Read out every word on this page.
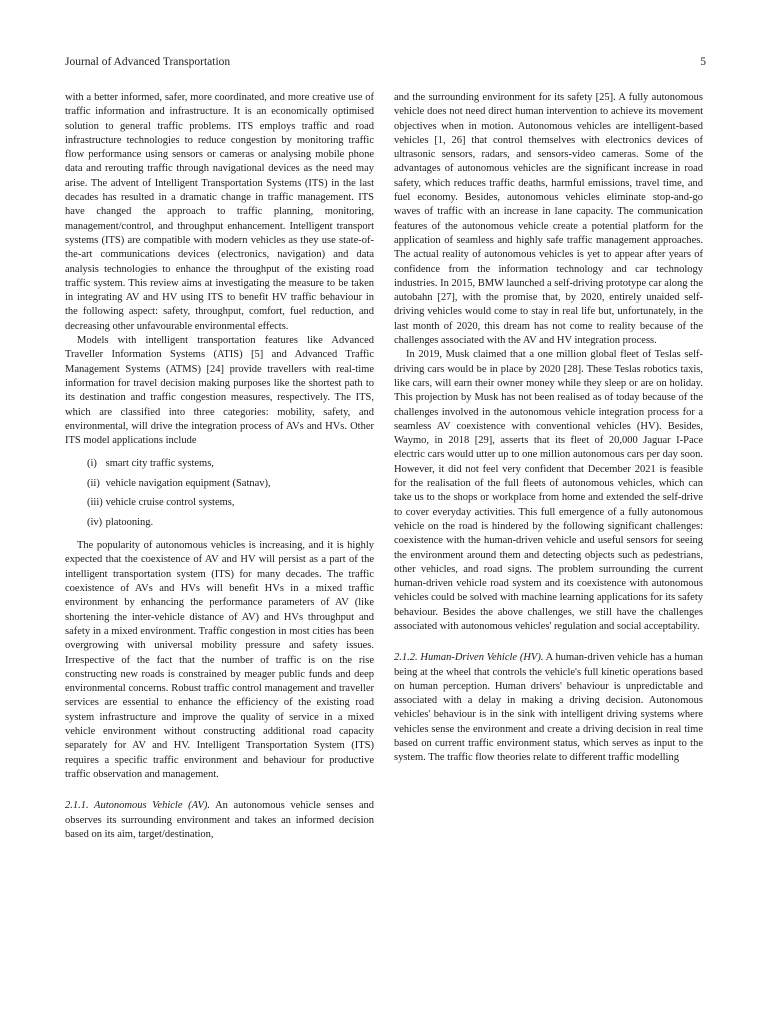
Journal of Advanced Transportation	5

with a better informed, safer, more coordinated, and more creative use of traffic information and infrastructure. It is an economically optimised solution to general traffic problems. ITS employs traffic and road infrastructure technologies to reduce congestion by monitoring traffic flow performance using sensors or cameras or analysing mobile phone data and rerouting traffic through navigational devices as the need may arise. The advent of Intelligent Transportation Systems (ITS) in the last decades has resulted in a dramatic change in traffic management. ITS have changed the approach to traffic planning, monitoring, management/control, and throughput enhancement. Intelligent transport systems (ITS) are compatible with modern vehicles as they use state-of-the-art communications devices (electronics, navigation) and data analysis technologies to enhance the throughput of the existing road traffic system. This review aims at investigating the measure to be taken in integrating AV and HV using ITS to benefit HV traffic behaviour in the following aspect: safety, throughput, comfort, fuel reduction, and decreasing other unfavourable environmental effects.

Models with intelligent transportation features like Advanced Traveller Information Systems (ATIS) [5] and Advanced Traffic Management Systems (ATMS) [24] provide travellers with real-time information for travel decision making purposes like the shortest path to its destination and traffic congestion measures, respectively. The ITS, which are classified into three categories: mobility, safety, and environmental, will drive the integration process of AVs and HVs. Other ITS model applications include

(i) smart city traffic systems,
(ii) vehicle navigation equipment (Satnav),
(iii) vehicle cruise control systems,
(iv) platooning.

The popularity of autonomous vehicles is increasing, and it is highly expected that the coexistence of AV and HV will persist as a part of the intelligent transportation system (ITS) for many decades. The traffic coexistence of AVs and HVs will benefit HVs in a mixed traffic environment by enhancing the performance parameters of AV (like shortening the inter-vehicle distance of AV) and HVs throughput and safety in a mixed environment. Traffic congestion in most cities has been overgrowing with universal mobility pressure and safety issues. Irrespective of the fact that the number of traffic is on the rise constructing new roads is constrained by meager public funds and deep environmental concerns. Robust traffic control management and traveller services are essential to enhance the efficiency of the existing road system infrastructure and improve the quality of service in a mixed vehicle environment without constructing additional road capacity separately for AV and HV. Intelligent Transportation System (ITS) requires a specific traffic environment and behaviour for productive traffic observation and management.

2.1.1. Autonomous Vehicle (AV). An autonomous vehicle senses and observes its surrounding environment and takes an informed decision based on its aim, target/destination,

and the surrounding environment for its safety [25]. A fully autonomous vehicle does not need direct human intervention to achieve its movement objectives when in motion. Autonomous vehicles are intelligent-based vehicles [1, 26] that control themselves with electronics devices of ultrasonic sensors, radars, and sensors-video cameras. Some of the advantages of autonomous vehicles are the significant increase in road safety, which reduces traffic deaths, harmful emissions, travel time, and fuel economy. Besides, autonomous vehicles eliminate stop-and-go waves of traffic with an increase in lane capacity. The communication features of the autonomous vehicle create a potential platform for the application of seamless and highly safe traffic management approaches. The actual reality of autonomous vehicles is yet to appear after years of confidence from the information technology and car technology industries. In 2015, BMW launched a self-driving prototype car along the autobahn [27], with the promise that, by 2020, entirely unaided self-driving vehicles would come to stay in real life but, unfortunately, in the last month of 2020, this dream has not come to reality because of the challenges associated with the AV and HV integration process.

In 2019, Musk claimed that a one million global fleet of Teslas self-driving cars would be in place by 2020 [28]. These Teslas robotics taxis, like cars, will earn their owner money while they sleep or are on holiday. This projection by Musk has not been realised as of today because of the challenges involved in the autonomous vehicle integration process for a seamless AV coexistence with conventional vehicles (HV). Besides, Waymo, in 2018 [29], asserts that its fleet of 20,000 Jaguar I-Pace electric cars would utter up to one million autonomous cars per day soon. However, it did not feel very confident that December 2021 is feasible for the realisation of the full fleets of autonomous vehicles, which can take us to the shops or workplace from home and extended the self-drive to cover everyday activities. This full emergence of a fully autonomous vehicle on the road is hindered by the following significant challenges: coexistence with the human-driven vehicle and useful sensors for seeing the environment around them and detecting objects such as pedestrians, other vehicles, and road signs. The problem surrounding the current human-driven vehicle road system and its coexistence with autonomous vehicles could be solved with machine learning applications for its safety behaviour. Besides the above challenges, we still have the challenges associated with autonomous vehicles' regulation and social acceptability.

2.1.2. Human-Driven Vehicle (HV). A human-driven vehicle has a human being at the wheel that controls the vehicle's full kinetic operations based on human perception. Human drivers' behaviour is unpredictable and associated with a delay in making a driving decision. Autonomous vehicles' behaviour is in the sink with intelligent driving systems where vehicles sense the environment and create a driving decision in real time based on current traffic environment status, which serves as input to the system. The traffic flow theories relate to different traffic modelling
